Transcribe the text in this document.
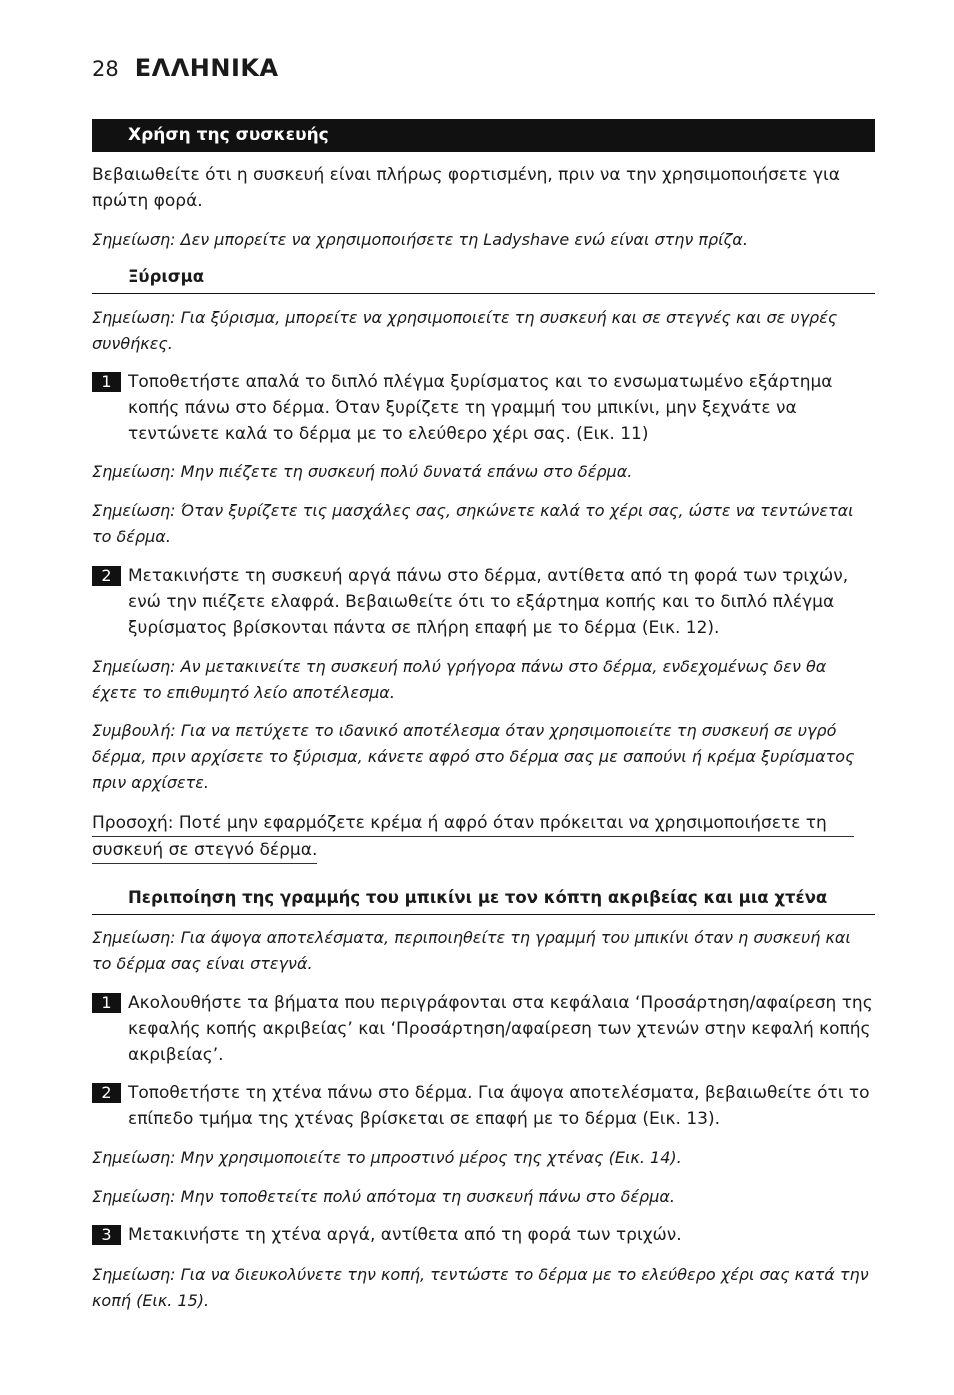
28 ΕΛΛΗΝΙΚΑ
Χρήση της συσκευής

Βεβαιωθείτε ότι η συσκευή είναι πλήρως φορτισμένη, πριν να την χρησιμοποιήσετε για πρώτη φορά.

Σημείωση: Δεν μπορείτε να χρησιμοποιήσετε τη Ladyshave ενώ είναι στην πρίζα.

Ξύρισμα

Σημείωση: Για ξύρισμα, μπορείτε να χρησιμοποιείτε τη συσκευή και σε στεγνές και σε υγρές συνθήκες.

1 Τοποθετήστε απαλά το διπλό πλέγμα ξυρίσματος και το ενσωματωμένο εξάρτημα κοπής πάνω στο δέρμα. Όταν ξυρίζετε τη γραμμή του μπικίνι, μην ξεχνάτε να τεντώνετε καλά το δέρμα με το ελεύθερο χέρι σας. (Εικ. 11)

Σημείωση: Μην πιέζετε τη συσκευή πολύ δυνατά επάνω στο δέρμα.

Σημείωση: Όταν ξυρίζετε τις μασχάλες σας, σηκώνετε καλά το χέρι σας, ώστε να τεντώνεται το δέρμα.

2 Μετακινήστε τη συσκευή αργά πάνω στο δέρμα, αντίθετα από τη φορά των τριχών, ενώ την πιέζετε ελαφρά. Βεβαιωθείτε ότι το εξάρτημα κοπής και το διπλό πλέγμα ξυρίσματος βρίσκονται πάντα σε πλήρη επαφή με το δέρμα (Εικ. 12).

Σημείωση: Αν μετακινείτε τη συσκευή πολύ γρήγορα πάνω στο δέρμα, ενδεχομένως δεν θα έχετε το επιθυμητό λείο αποτέλεσμα.

Συμβουλή: Για να πετύχετε το ιδανικό αποτέλεσμα όταν χρησιμοποιείτε τη συσκευή σε υγρό δέρμα, πριν αρχίσετε το ξύρισμα, κάνετε αφρό στο δέρμα σας με σαπούνι ή κρέμα ξυρίσματος πριν αρχίσετε.

Προσοχή: Ποτέ μην εφαρμόζετε κρέμα ή αφρό όταν πρόκειται να χρησιμοποιήσετε τη
συσκευή σε στεγνό δέρμα.
Περιποίηση της γραμμής του μπικίνι με τον κόπτη ακριβείας και μια χτένα

Σημείωση: Για άψογα αποτελέσματα, περιποιηθείτε τη γραμμή του μπικίνι όταν η συσκευή και το δέρμα σας είναι στεγνά.

1 Ακολουθήστε τα βήματα που περιγράφονται στα κεφάλαια ‘Προσάρτηση/αφαίρεση της κεφαλής κοπής ακριβείας’ και ‘Προσάρτηση/αφαίρεση των χτενών στην κεφαλή κοπής ακριβείας’.

2 Τοποθετήστε τη χτένα πάνω στο δέρμα. Για άψογα αποτελέσματα, βεβαιωθείτε ότι το επίπεδο τμήμα της χτένας βρίσκεται σε επαφή με το δέρμα (Εικ. 13).

Σημείωση: Μην χρησιμοποιείτε το μπροστινό μέρος της χτένας (Εικ. 14).

Σημείωση: Μην τοποθετείτε πολύ απότομα τη συσκευή πάνω στο δέρμα.

3 Μετακινήστε τη χτένα αργά, αντίθετα από τη φορά των τριχών.

Σημείωση: Για να διευκολύνετε την κοπή, τεντώστε το δέρμα με το ελεύθερο χέρι σας κατά την κοπή (Εικ. 15).
